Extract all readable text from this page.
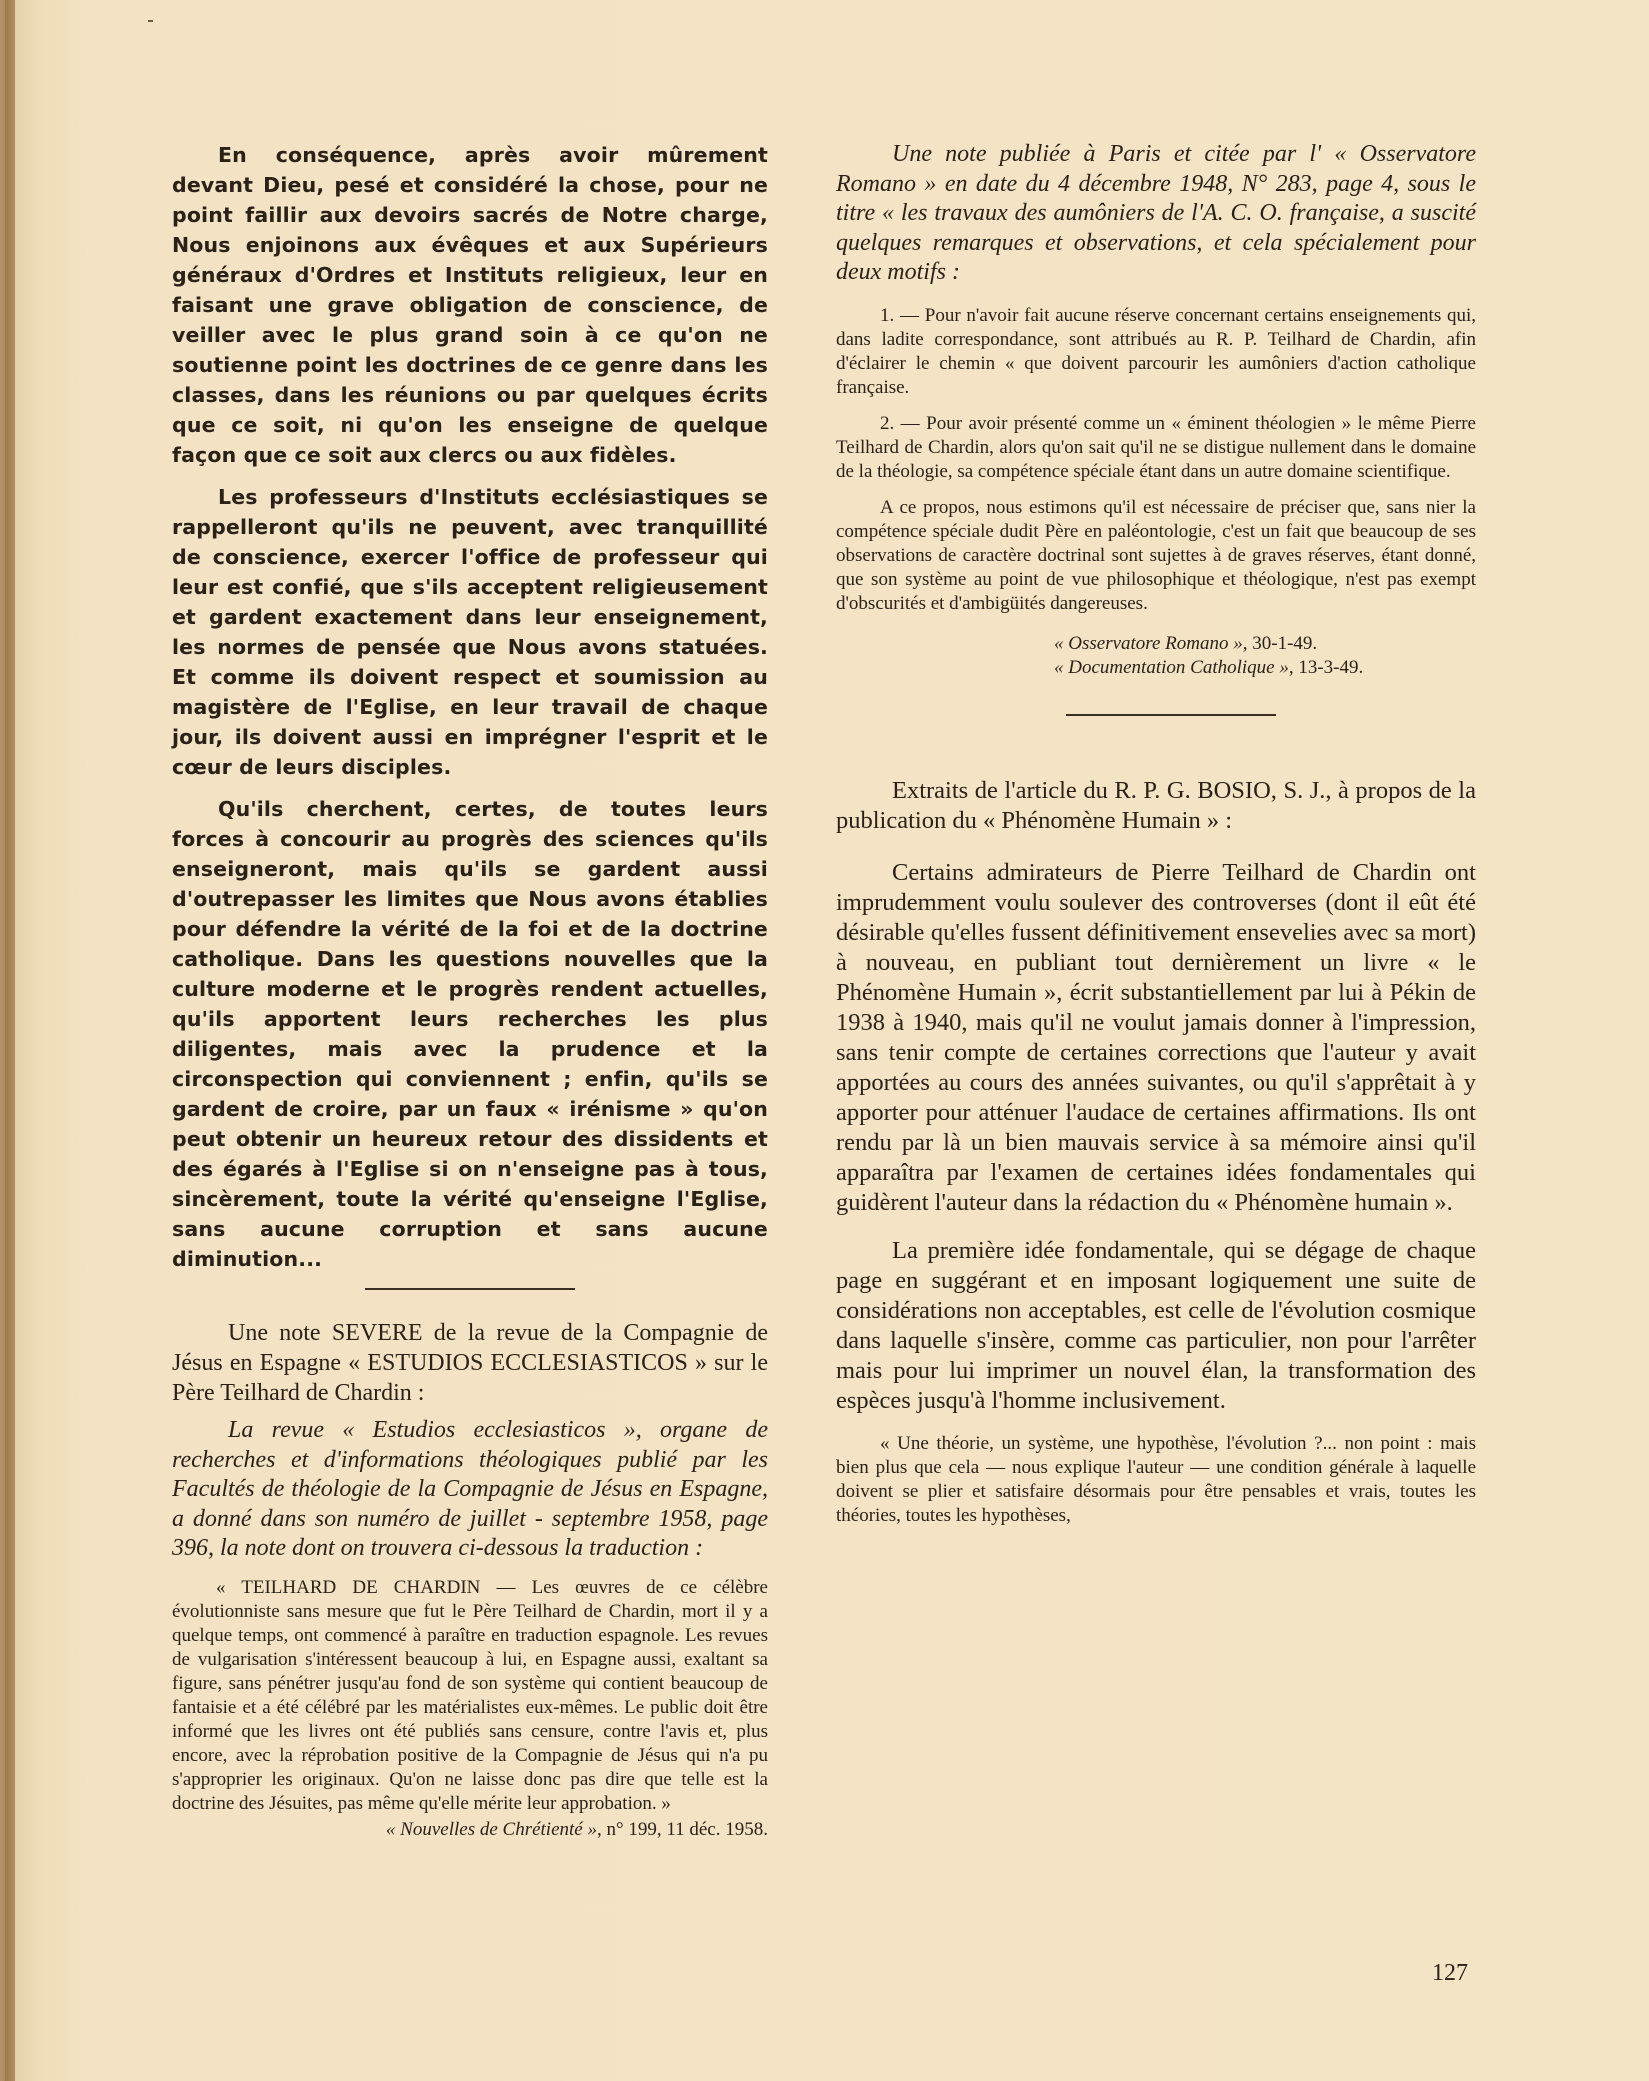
En conséquence, après avoir mûrement devant Dieu, pesé et considéré la chose, pour ne point faillir aux devoirs sacrés de Notre charge, Nous enjoinons aux évêques et aux Supérieurs généraux d'Ordres et Instituts religieux, leur en faisant une grave obligation de conscience, de veiller avec le plus grand soin à ce qu'on ne soutienne point les doctrines de ce genre dans les classes, dans les réunions ou par quelques écrits que ce soit, ni qu'on les enseigne de quelque façon que ce soit aux clercs ou aux fidèles.

Les professeurs d'Instituts ecclésiastiques se rappelleront qu'ils ne peuvent, avec tranquillité de conscience, exercer l'office de professeur qui leur est confié, que s'ils acceptent religieusement et gardent exactement dans leur enseignement, les normes de pensée que Nous avons statuées. Et comme ils doivent respect et soumission au magistère de l'Eglise, en leur travail de chaque jour, ils doivent aussi en imprégner l'esprit et le cœur de leurs disciples.

Qu'ils cherchent, certes, de toutes leurs forces à concourir au progrès des sciences qu'ils enseigneront, mais qu'ils se gardent aussi d'outrepasser les limites que Nous avons établies pour défendre la vérité de la foi et de la doctrine catholique. Dans les questions nouvelles que la culture moderne et le progrès rendent actuelles, qu'ils apportent leurs recherches les plus diligentes, mais avec la prudence et la circonspection qui conviennent ; enfin, qu'ils se gardent de croire, par un faux « irénisme » qu'on peut obtenir un heureux retour des dissidents et des égarés à l'Eglise si on n'enseigne pas à tous, sincèrement, toute la vérité qu'enseigne l'Eglise, sans aucune corruption et sans aucune diminution...

Une note SEVERE de la revue de la Compagnie de Jésus en Espagne « ESTUDIOS ECCLESIASTICOS » sur le Père Teilhard de Chardin :

La revue « Estudios ecclesiasticos », organe de recherches et d'informations théologiques publié par les Facultés de théologie de la Compagnie de Jésus en Espagne, a donné dans son numéro de juillet - septembre 1958, page 396, la note dont on trouvera ci-dessous la traduction :

« TEILHARD DE CHARDIN — Les œuvres de ce célèbre évolutionniste sans mesure que fut le Père Teilhard de Chardin, mort il y a quelque temps, ont commencé à paraître en traduction espagnole. Les revues de vulgarisation s'intéressent beaucoup à lui, en Espagne aussi, exaltant sa figure, sans pénétrer jusqu'au fond de son système qui contient beaucoup de fantaisie et a été célébré par les matérialistes eux-mêmes. Le public doit être informé que les livres ont été publiés sans censure, contre l'avis et, plus encore, avec la réprobation positive de la Compagnie de Jésus qui n'a pu s'approprier les originaux. Qu'on ne laisse donc pas dire que telle est la doctrine des Jésuites, pas même qu'elle mérite leur approbation. »

« Nouvelles de Chrétienté », n° 199, 11 déc. 1958.

Une note publiée à Paris et citée par l' « Osservatore Romano » en date du 4 décembre 1948, N° 283, page 4, sous le titre « les travaux des aumôniers de l'A. C. O. française, a suscité quelques remarques et observations, et cela spécialement pour deux motifs :

1. — Pour n'avoir fait aucune réserve concernant certains enseignements qui, dans ladite correspondance, sont attribués au R. P. Teilhard de Chardin, afin d'éclairer le chemin « que doivent parcourir les aumôniers d'action catholique française.

2. — Pour avoir présenté comme un « éminent théologien » le même Pierre Teilhard de Chardin, alors qu'on sait qu'il ne se distigue nullement dans le domaine de la théologie, sa compétence spéciale étant dans un autre domaine scientifique.

A ce propos, nous estimons qu'il est nécessaire de préciser que, sans nier la compétence spéciale dudit Père en paléontologie, c'est un fait que beaucoup de ses observations de caractère doctrinal sont sujettes à de graves réserves, étant donné, que son système au point de vue philosophique et théologique, n'est pas exempt d'obscurités et d'ambigüités dangereuses.

« Osservatore Romano », 30-1-49.

« Documentation Catholique », 13-3-49.

Extraits de l'article du R. P. G. BOSIO, S. J., à propos de la publication du « Phénomène Humain » :

Certains admirateurs de Pierre Teilhard de Chardin ont imprudemment voulu soulever des controverses (dont il eût été désirable qu'elles fussent définitivement ensevelies avec sa mort) à nouveau, en publiant tout dernièrement un livre « le Phénomène Humain », écrit substantiellement par lui à Pékin de 1938 à 1940, mais qu'il ne voulut jamais donner à l'impression, sans tenir compte de certaines corrections que l'auteur y avait apportées au cours des années suivantes, ou qu'il s'apprêtait à y apporter pour atténuer l'audace de certaines affirmations. Ils ont rendu par là un bien mauvais service à sa mémoire ainsi qu'il apparaîtra par l'examen de certaines idées fondamentales qui guidèrent l'auteur dans la rédaction du « Phénomène humain ».

La première idée fondamentale, qui se dégage de chaque page en suggérant et en imposant logiquement une suite de considérations non acceptables, est celle de l'évolution cosmique dans laquelle s'insère, comme cas particulier, non pour l'arrêter mais pour lui imprimer un nouvel élan, la transformation des espèces jusqu'à l'homme inclusivement.

« Une théorie, un système, une hypothèse, l'évolution ?... non point : mais bien plus que cela — nous explique l'auteur — une condition générale à laquelle doivent se plier et satisfaire désormais pour être pensables et vrais, toutes les théories, toutes les hypothèses,

127
